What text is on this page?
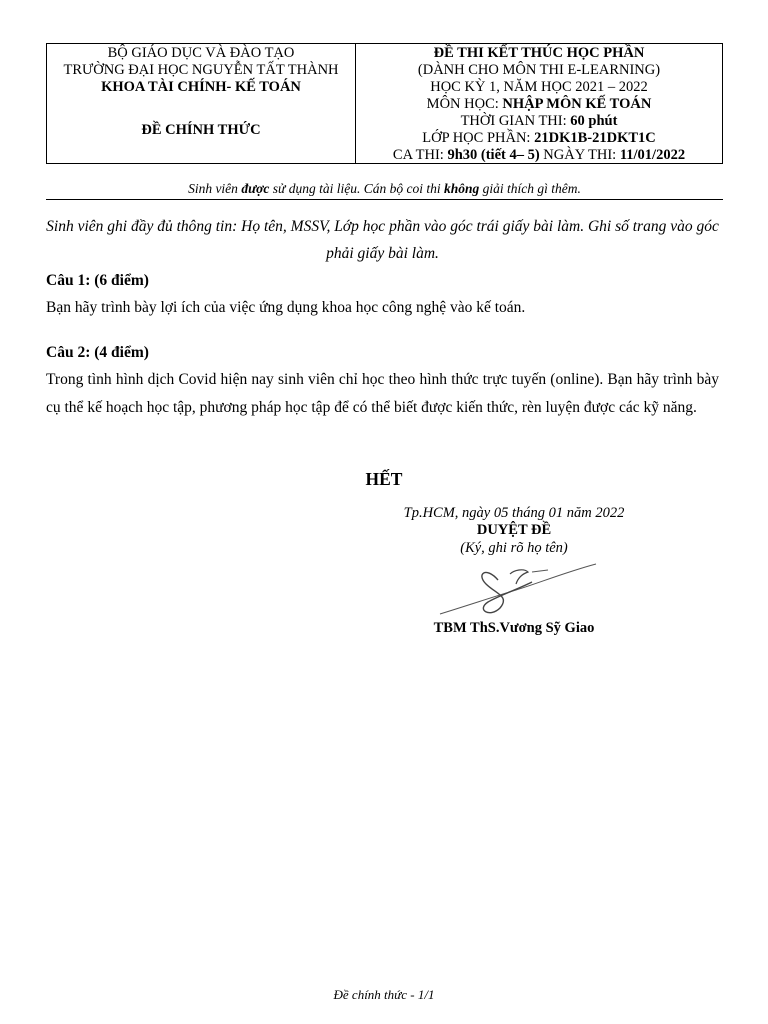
BỘ GIÁO DỤC VÀ ĐÀO TẠO
TRƯỜNG ĐẠI HỌC NGUYỄN TẤT THÀNH
KHOA TÀI CHÍNH- KẾ TOÁN
ĐỀ CHÍNH THỨC
ĐỀ THI KẾT THÚC HỌC PHẦN
(DÀNH CHO MÔN THI E-LEARNING)
HỌC KỲ 1, NĂM HỌC 2021 – 2022
MÔN HỌC: NHẬP MÔN KẾ TOÁN
THỜI GIAN THI: 60 phút
LỚP HỌC PHẦN: 21DK1B-21DKT1C
CA THI: 9h30 (tiết 4– 5) NGÀY THI: 11/01/2022
Sinh viên được sử dụng tài liệu. Cán bộ coi thi không giải thích gì thêm.
Sinh viên ghi đầy đủ thông tin: Họ tên, MSSV, Lớp học phần vào góc trái giấy bài làm. Ghi số trang vào góc phải giấy bài làm.
Câu 1: (6 điểm)
Bạn hãy trình bày lợi ích của việc ứng dụng khoa học công nghệ vào kế toán.
Câu 2: (4 điểm)
Trong tình hình dịch Covid hiện nay sinh viên chỉ học theo hình thức trực tuyến (online). Bạn hãy trình bày cụ thể kế hoạch học tập, phương pháp học tập để có thể biết được kiến thức, rèn luyện được các kỹ năng.
HẾT
Tp.HCM, ngày 05 tháng 01 năm 2022
DUYỆT ĐỀ
(Ký, ghi rõ họ tên)
TBM ThS.Vương Sỹ Giao
Đề chính thức - 1/1
